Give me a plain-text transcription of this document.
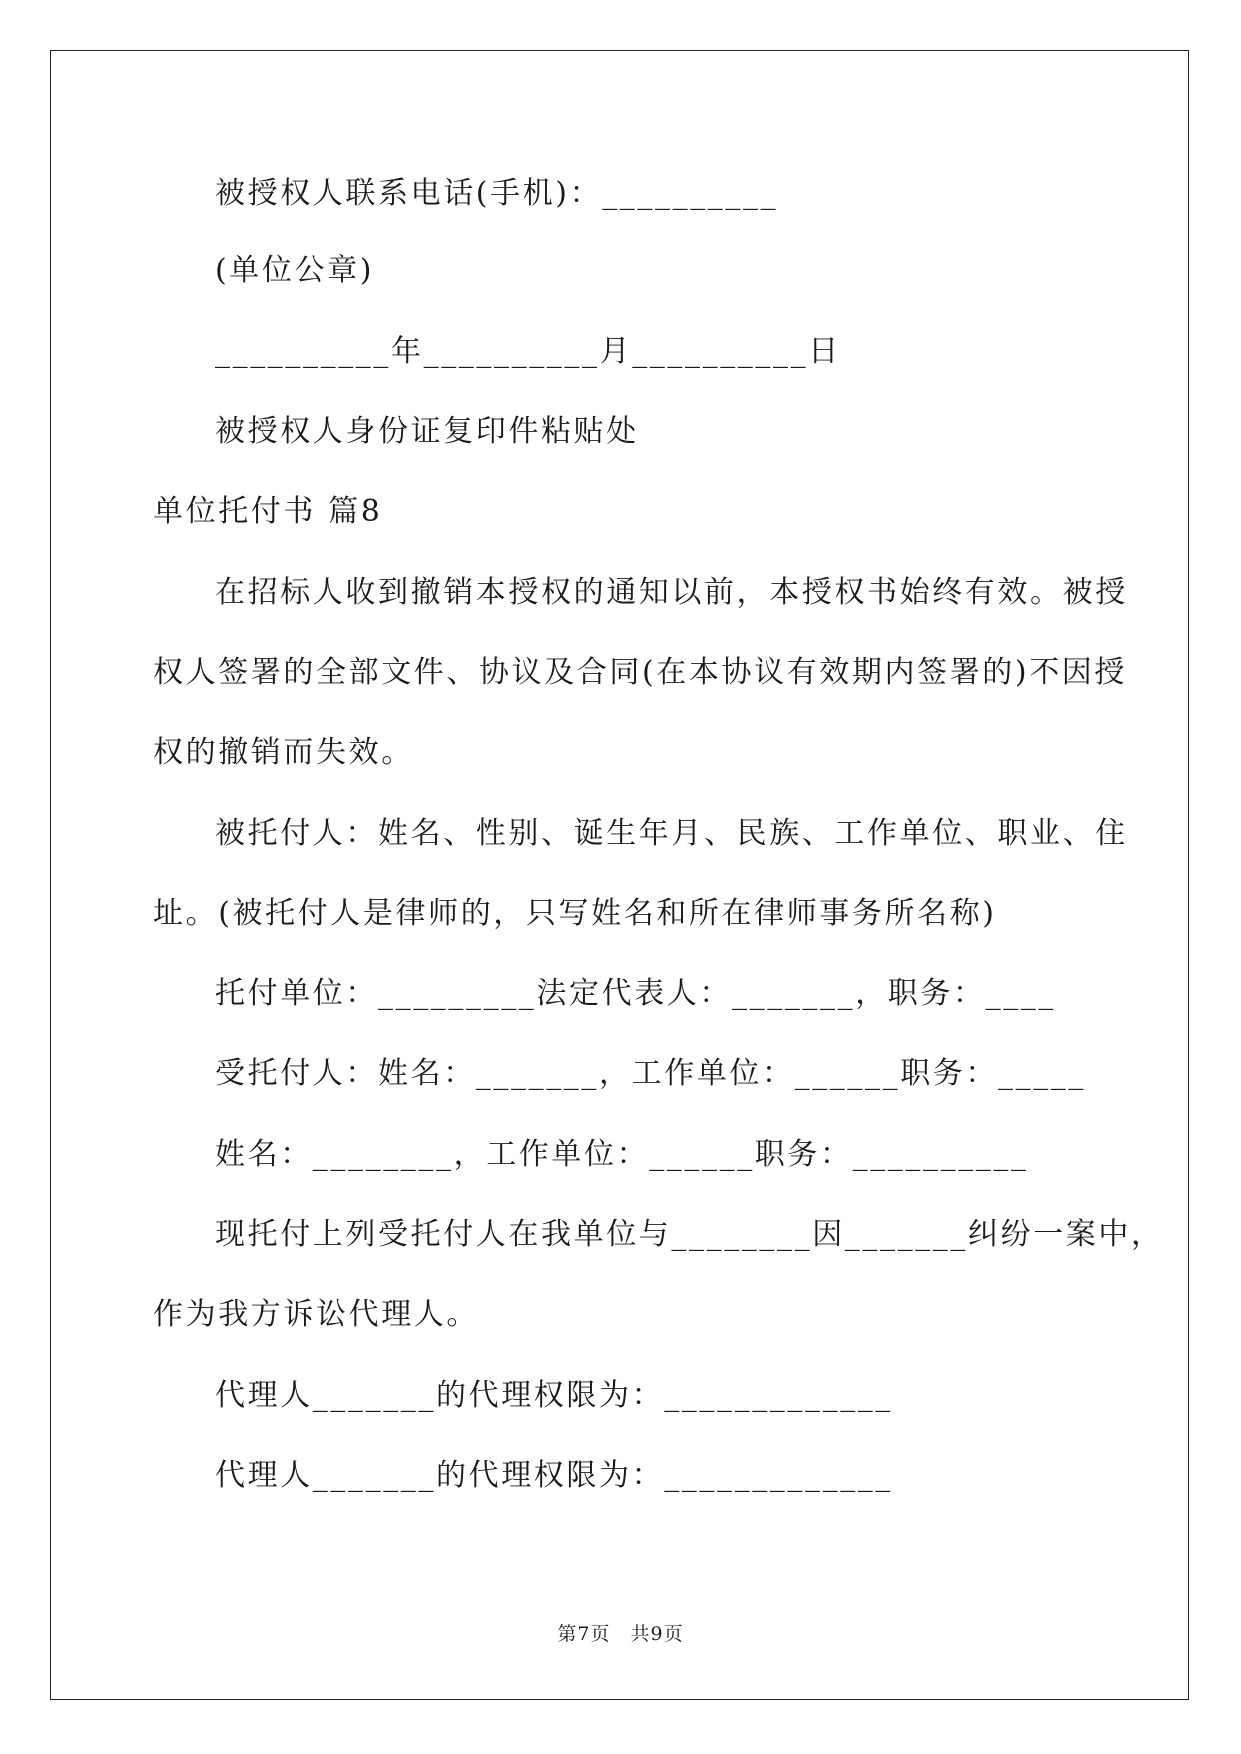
被授权人联系电话(手机)：__________
(单位公章)
__________年__________月__________日
被授权人身份证复印件粘贴处
单位托付书 篇8
在招标人收到撤销本授权的通知以前，本授权书始终有效。被授
权人签署的全部文件、协议及合同(在本协议有效期内签署的)不因授
权的撤销而失效。
被托付人：姓名、性别、诞生年月、民族、工作单位、职业、住
址。(被托付人是律师的，只写姓名和所在律师事务所名称)
托付单位：_________法定代表人：_______，职务：____
受托付人：姓名：_______，工作单位：______职务：_____
姓名：________，工作单位：______职务：__________
现托付上列受托付人在我单位与________因_______纠纷一案中，
作为我方诉讼代理人。
代理人_______的代理权限为：_____________
代理人_______的代理权限为：_____________
第7页　共9页
